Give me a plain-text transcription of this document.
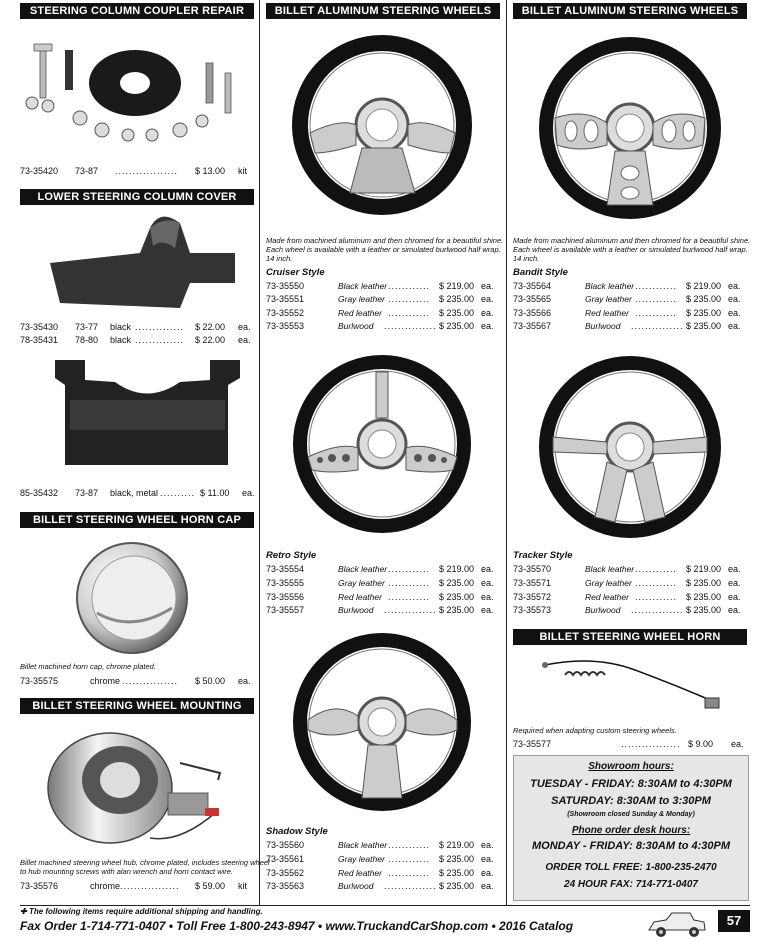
STEERING COLUMN COUPLER REPAIR KIT
73-35420 73-87 .................. $ 13.00 kit
LOWER STEERING COLUMN COVER
73-35430 73-77 black .............. $ 22.00 ea.
78-35431 78-80 black .............. $ 22.00 ea.
85-35432 73-87 black, metal .......... $ 11.00 ea.
BILLET STEERING WHEEL HORN CAP
Billet machined horn cap, chrome plated.
73-35575	chrome ................ $ 50.00 ea.
BILLET STEERING WHEEL MOUNTING HUB
Billet machined steering wheel hub, chrome plated, includes steering wheel
to hub mounting screws with alan wrench and horn contact wire.
73-35576	chrome ................. $ 59.00 kit
BILLET ALUMINUM STEERING WHEELS
Made from machined aluminum and then chromed for a beautiful shine.
Each wheel is available with a leather or simulated burlwood half wrap.
14 inch.
Cruiser Style
73-35550	Black leather ............ $ 219.00 ea.
73-35551	Gray leather ............ $ 235.00 ea.
73-35552	Red leather ............ $ 235.00 ea.
73-35553	Burlwood ............... $ 235.00 ea.
Retro Style
73-35554	Black leather ............ $ 219.00 ea.
73-35555	Gray leather ............ $ 235.00 ea.
73-35556	Red leather ............ $ 235.00 ea.
73-35557	Burlwood ............... $ 235.00 ea.
Shadow Style
73-35560	Black leather ............ $ 219.00 ea.
73-35561	Gray leather ............ $ 235.00 ea.
73-35562	Red leather ............ $ 235.00 ea.
73-35563	Burlwood ............... $ 235.00 ea.
BILLET ALUMINUM STEERING WHEELS
Made from machined aluminum and then chromed for a beautiful shine.
Each wheel is available with a leather or simulated burlwood half wrap.
14 inch.
Bandit Style
73-35564	Black leather ............ $ 219.00 ea.
73-35565	Gray leather ............ $ 235.00 ea.
73-35566	Red leather ............ $ 235.00 ea.
73-35567	Burlwood ............... $ 235.00 ea.
Tracker Style
73-35570	Black leather ............ $ 219.00 ea.
73-35571	Gray leather ............ $ 235.00 ea.
73-35572	Red leather ............ $ 235.00 ea.
73-35573	Burlwood ............... $ 235.00 ea.
BILLET STEERING WHEEL HORN CONTACT WIRE
Required when adapting custom steering wheels.
73-35577	................. $ 9.00 ea.
Showroom hours:
TUESDAY - FRIDAY: 8:30AM to 4:30PM
SATURDAY: 8:30AM to 3:30PM
(Showroom closed Sunday & Monday)
Phone order desk hours:
MONDAY - FRIDAY: 8:30AM to 4:30PM
ORDER TOLL FREE: 1-800-235-2470
24 HOUR FAX: 714-771-0407
✚ The following items require additional shipping and handling.
Fax Order 1-714-771-0407 • Toll Free 1-800-243-8947 • www.TruckandCarShop.com • 2016 Catalog	57
